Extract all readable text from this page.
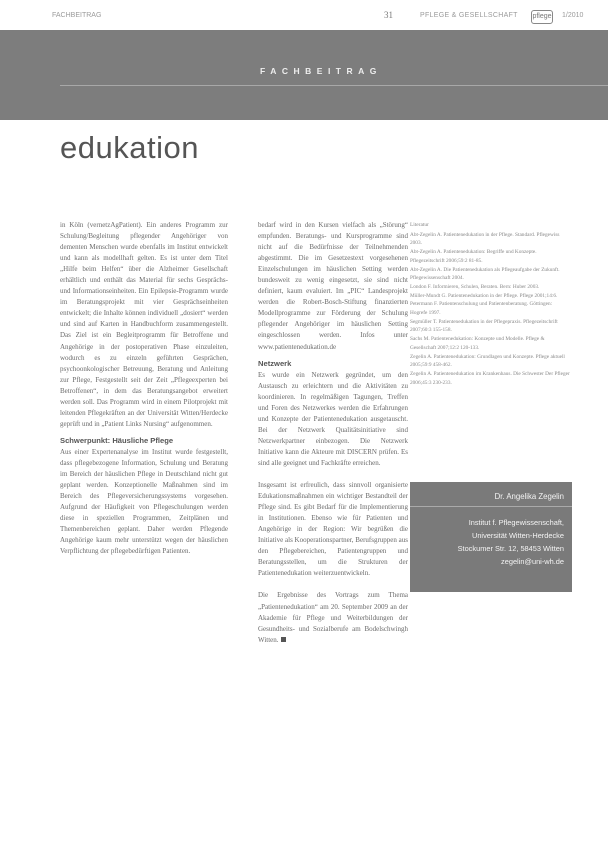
FACHBEITRAG	31	PFLEGE & GESELLSCHAFT pflege 1/2010
FACHBEITRAG
edukation

in Köln (vernetzAgPatient). Ein anderes Programm zur Schulung/Begleitung pflegender Angehöriger von dementen Menschen wurde ebenfalls im Institut entwickelt und kann als modellhaft gelten. Es ist unter dem Titel „Hilfe beim Helfen“ über die Alzheimer Gesellschaft erhältlich und enthält das Material für sechs Gesprächs- und Informationseinheiten. Ein Epilepsie-Programm wurde im Beratungsprojekt mit vier Gesprächseinheiten entwickelt; die Inhalte können individuell „dosiert“ werden und sind auf Karten in Handbuchform zusammengestellt. Das Ziel ist ein Begleitprogramm für Betroffene und Angehörige in der postoperativen Phase einzuleiten, wodurch es zu einzeln geführten Gesprächen, psychoonkologischer Betreuung, Beratung und Anleitung zur Pflege, Festgestellt seit der Zeit „Pflegeexperten bei Betroffenen“, in dem das Beratungsangebot erweitert werden soll. Das Programm wird in einem Pilotprojekt mit leitenden Pflegekräften an der Universität Witten/Herdecke geprüft und in „Patient Links Nursing“ aufgenommen.

Schwerpunkt: Häusliche Pflege

Aus einer Expertenanalyse im Institut wurde festgestellt, dass pflegebezogene Information, Schulung und Beratung im Bereich der häuslichen Pflege in Deutschland nicht gut geplant werden. Konzeptionelle Maßnahmen sind im Bereich des Pflegeversicherungssystems vorgesehen. Aufgrund der Häufigkeit von Pflegeschulungen werden diese in speziellen Programmen, Zeitplänen und Themenbereichen geplant. Daher werden Pflegende Angehörige kaum mehr unterstützt wegen der häuslichen Verpflichtung der pflegebedürftigen Patienten.

bedarf wird in den Kursen vielfach als „Störung“ empfunden. Beratungs- und Kursprogramme sind nicht auf die Bedürfnisse der Teilnehmenden abgestimmt. Die im Gesetzestext vorgesehenen Einzelschulungen im häuslichen Setting werden bundesweit zu wenig eingesetzt, sie sind nicht definiert, kaum evaluiert. Im „PIC“ Landesprojekt werden die Robert-Bosch-Stiftung finanzierten Modellprogramme zur Förderung der Schulung pflegender Angehöriger im häuslichen Setting eingeschlossen werden. Infos unter www.patientenedukation.de

Netzwerk

Es wurde ein Netzwerk gegründet, um den Austausch zu erleichtern und die Aktivitäten zu koordinieren. In regelmäßigen Tagungen, Treffen und Foren des Netzwerkes werden die Erfahrungen und Konzepte der Patientenedukation ausgetauscht. Bei der Netzwerk Qualitätsinitiative sind Netzwerkpartner einbezogen. Die Netzwerk Initiative kann die Akteure mit DISCERN prüfen. Es sind alle geeignet und Fachkräfte erreichen.

Insgesamt ist erfreulich, dass sinnvoll organisierte Edukationsmaßnahmen ein wichtiger Bestandteil der Pflege sind. Es gibt Bedarf für die Implementierung in Institutionen. Ebenso wie für Patienten und Angehörige in der Region: Wir begrüßen die Initiative als Kooperationspartner, Berufsgruppen aus den Pflegebereichen, Patientengruppen und Beratungsstellen, um die Strukturen der Patientenedukation weiterzuentwickeln.

Die Ergebnisse des Vortrags zum Thema „Patientenedukation“ am 20. September 2009 an der Akademie für Pflege und Weiterbildungen der Gesundheits- und Sozialberufe am Bodelschwingh Witten.

Literatur
Abt-Zegelin A. Patientenedukation in der Pflege. Standard. Pflegewiss 2003.
Abt-Zegelin A. Patientenedukation: Begriffe und Konzepte. Pflegezeitschrift 2006;59:2 81-85.
Abt-Zegelin A. Die Patientenedukation als Pflegeaufgabe der Zukunft. Pflegewissenschaft 2004.
London F. Informieren, Schulen, Beraten. Bern: Huber 2003.
Müller-Mundt G. Patientenedukation in der Pflege. Pflege 2001;14:6.
Petermann F. Patientenschulung und Patientenberatung. Göttingen: Hogrefe 1997.
Segmüller T. Patientenedukation in der Pflegepraxis. Pflegezeitschrift 2007;60:3 155-158.
Sachs M. Patientenedukation: Konzepte und Modelle. Pflege & Gesellschaft 2007;12:2 120-133.
Zegelin A. Patientenedukation: Grundlagen und Konzepte. Pflege aktuell 2005;59:9 458-462.
Zegelin A. Patientenedukation im Krankenhaus. Die Schwester Der Pfleger 2006;45:3 230-233.
Dr. Angelika Zegelin
Institut f. Pflegewissenschaft,
Universität Witten-Herdecke
Stockumer Str. 12, 58453 Witten
zegelin@uni-wh.de
